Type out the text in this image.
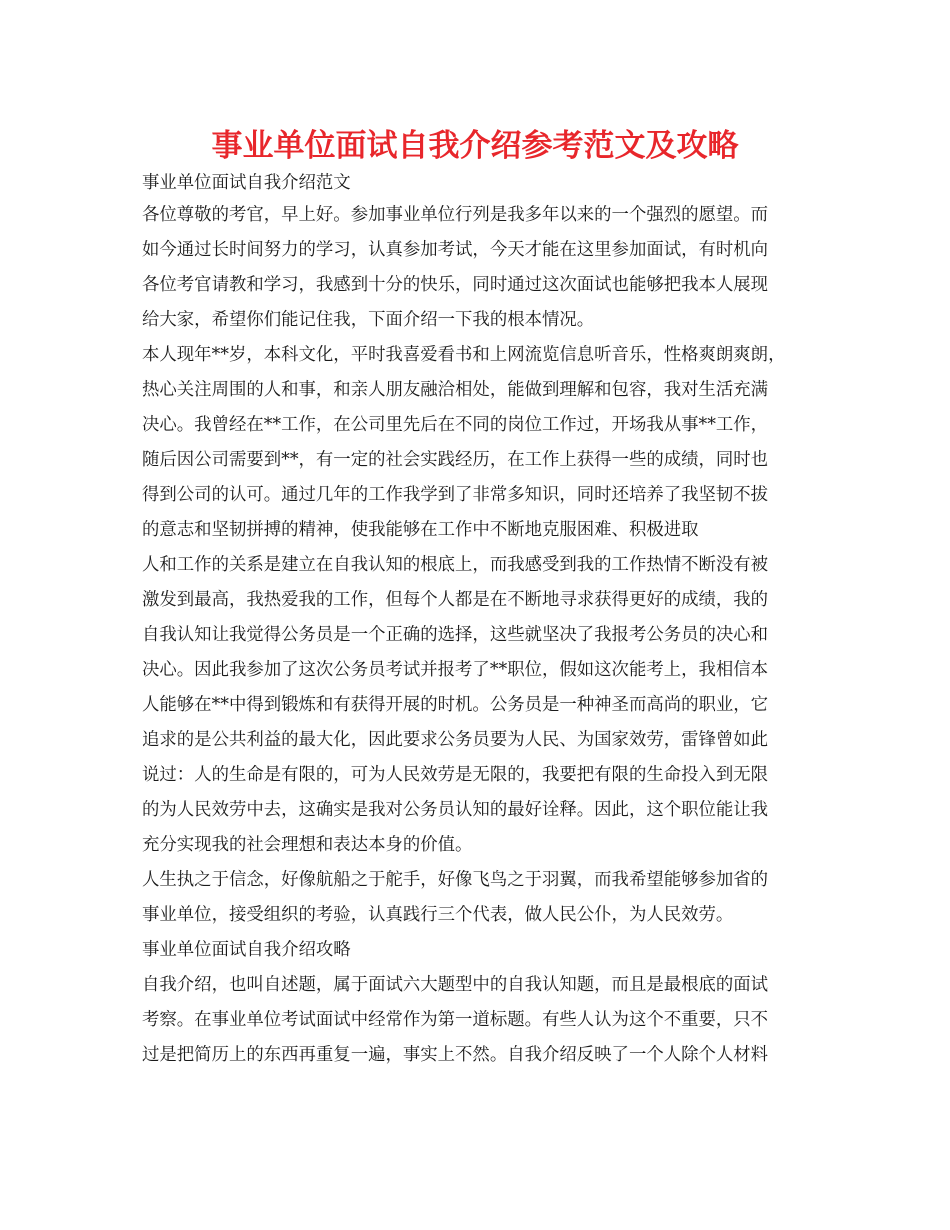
事业单位面试自我介绍参考范文及攻略

事业单位面试自我介绍范文

各位尊敬的考官，早上好。参加事业单位行列是我多年以来的一个强烈的愿望。而

如今通过长时间努力的学习，认真参加考试，今天才能在这里参加面试，有时机向

各位考官请教和学习，我感到十分的快乐，同时通过这次面试也能够把我本人展现

给大家，希望你们能记住我，下面介绍一下我的根本情况。

本人现年**岁，本科文化，平时我喜爱看书和上网流览信息听音乐，性格爽朗爽朗，

热心关注周围的人和事，和亲人朋友融洽相处，能做到理解和包容，我对生活充满

决心。我曾经在**工作，在公司里先后在不同的岗位工作过，开场我从事**工作，

随后因公司需要到**，有一定的社会实践经历，在工作上获得一些的成绩，同时也

得到公司的认可。通过几年的工作我学到了非常多知识，同时还培养了我坚韧不拔

的意志和坚韧拼搏的精神，使我能够在工作中不断地克服困难、积极进取

人和工作的关系是建立在自我认知的根底上，而我感受到我的工作热情不断没有被

激发到最高，我热爱我的工作，但每个人都是在不断地寻求获得更好的成绩，我的

自我认知让我觉得公务员是一个正确的选择，这些就坚决了我报考公务员的决心和

决心。因此我参加了这次公务员考试并报考了**职位，假如这次能考上，我相信本

人能够在**中得到锻炼和有获得开展的时机。公务员是一种神圣而高尚的职业，它

追求的是公共利益的最大化，因此要求公务员要为人民、为国家效劳，雷锋曾如此

说过：人的生命是有限的，可为人民效劳是无限的，我要把有限的生命投入到无限

的为人民效劳中去，这确实是我对公务员认知的最好诠释。因此，这个职位能让我

充分实现我的社会理想和表达本身的价值。

人生执之于信念，好像航船之于舵手，好像飞鸟之于羽翼，而我希望能够参加省的

事业单位，接受组织的考验，认真践行三个代表，做人民公仆，为人民效劳。

事业单位面试自我介绍攻略

自我介绍，也叫自述题，属于面试六大题型中的自我认知题，而且是最根底的面试

考察。在事业单位考试面试中经常作为第一道标题。有些人认为这个不重要，只不

过是把简历上的东西再重复一遍，事实上不然。自我介绍反映了一个人除个人材料
